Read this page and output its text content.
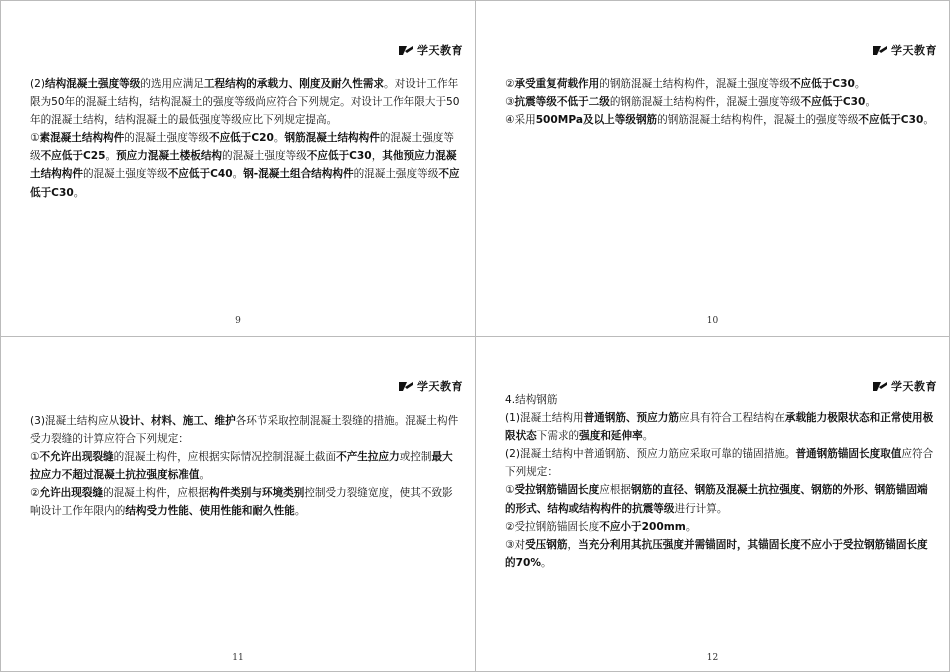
学天教育
(2)结构混凝土强度等级的选用应满足工程结构的承载力、刚度及耐久性需求。对设计工作年限为50年的混凝土结构，结构混凝土的强度等级尚应符合下列规定。对设计工作年限大于50年的混凝土结构，结构混凝土的最低强度等级应比下列规定提高。
①素混凝土结构构件的混凝土强度等级不应低于C20。钢筋混凝土结构构件的混凝土强度等级不应低于C25。预应力混凝土楼板结构的混凝土强度等级不应低于C30，其他预应力混凝土结构构件的混凝土强度等级不应低于C40。钢-混凝土组合结构构件的混凝土强度等级不应低于C30。
9
学天教育
②承受重复荷载作用的钢筋混凝土结构构件，混凝土强度等级不应低于C30。
③抗震等级不低于二级的钢筋混凝土结构构件，混凝土强度等级不应低于C30。
④采用500MPa及以上等级钢筋的钢筋混凝土结构构件，混凝土的强度等级不应低于C30。
10
学天教育
(3)混凝土结构应从设计、材料、施工、维护各环节采取控制混凝土裂缝的措施。混凝土构件受力裂缝的计算应符合下列规定：
①不允许出现裂缝的混凝土构件，应根据实际情况控制混凝土截面不产生拉应力或控制最大拉应力不超过混凝土抗拉强度标准值。
②允许出现裂缝的混凝土构件，应根据构件类别与环境类别控制受力裂缝宽度，使其不致影响设计工作年限内的结构受力性能、使用性能和耐久性能。
11
学天教育
4.结构钢筋
(1)混凝土结构用普通钢筋、预应力筋应具有符合工程结构在承载能力极限状态和正常使用极限状态下需求的强度和延伸率。
(2)混凝土结构中普通钢筋、预应力筋应采取可靠的锚固措施。普通钢筋锚固长度取值应符合下列规定：
①受拉钢筋锚固长度应根据钢筋的直径、钢筋及混凝土抗拉强度、钢筋的外形、钢筋锚固端的形式、结构或结构构件的抗震等级进行计算。
②受拉钢筋锚固长度不应小于200mm。
③对受压钢筋，当充分利用其抗压强度并需锚固时，其锚固长度不应小于受拉钢筋锚固长度的70%。
12
